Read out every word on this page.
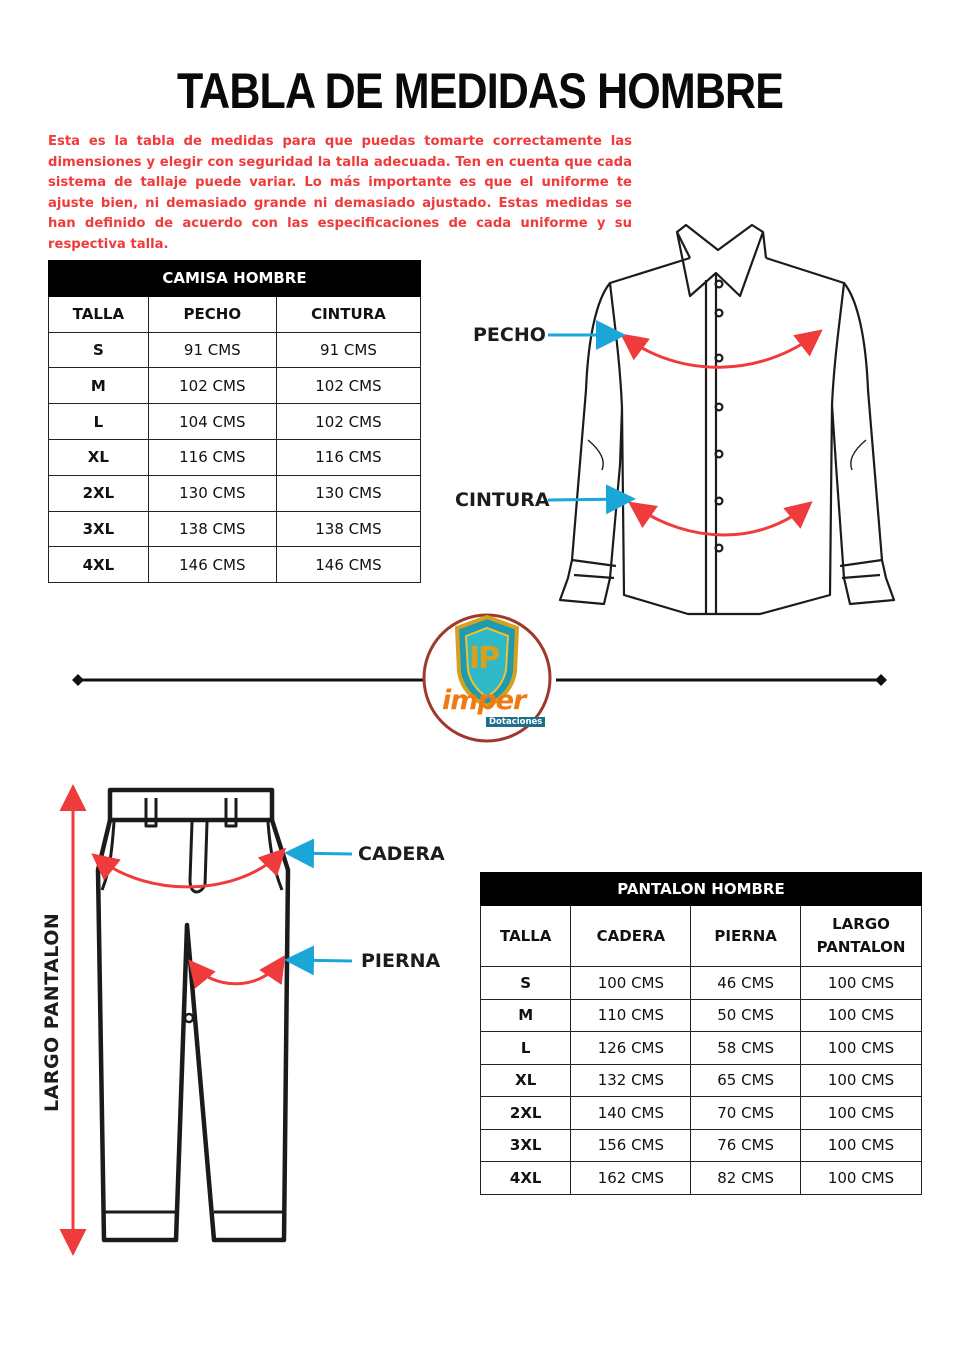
TABLA DE MEDIDAS HOMBRE
Esta es la tabla de medidas para que puedas tomarte correctamente las dimensiones y elegir con seguridad la talla adecuada. Ten en cuenta que cada sistema de tallaje puede variar. Lo más importante es que el uniforme te ajuste bien, ni demasiado grande ni demasiado ajustado. Estas medidas se han definido de acuerdo con las especificaciones de cada uniforme y su respectiva talla.
CAMISA HOMBRE		
TALLA	PECHO	CINTURA
S	91 CMS	91 CMS
M	102 CMS	102 CMS
L	104 CMS	102 CMS
XL	116 CMS	116 CMS
2XL	130 CMS	130 CMS
3XL	138 CMS	138 CMS
4XL	146 CMS	146 CMS
PANTALON HOMBRE			
TALLA	CADERA	PIERNA	LARGO PANTALON
S	100 CMS	46 CMS	100 CMS
M	110 CMS	50 CMS	100 CMS
L	126 CMS	58 CMS	100 CMS
XL	132 CMS	65 CMS	100 CMS
2XL	140 CMS	70 CMS	100 CMS
3XL	156 CMS	76 CMS	100 CMS
4XL	162 CMS	82 CMS	100 CMS
IP
imper
Dotaciones
PECHO
CINTURA
CADERA
PIERNA
LARGO PANTALON
